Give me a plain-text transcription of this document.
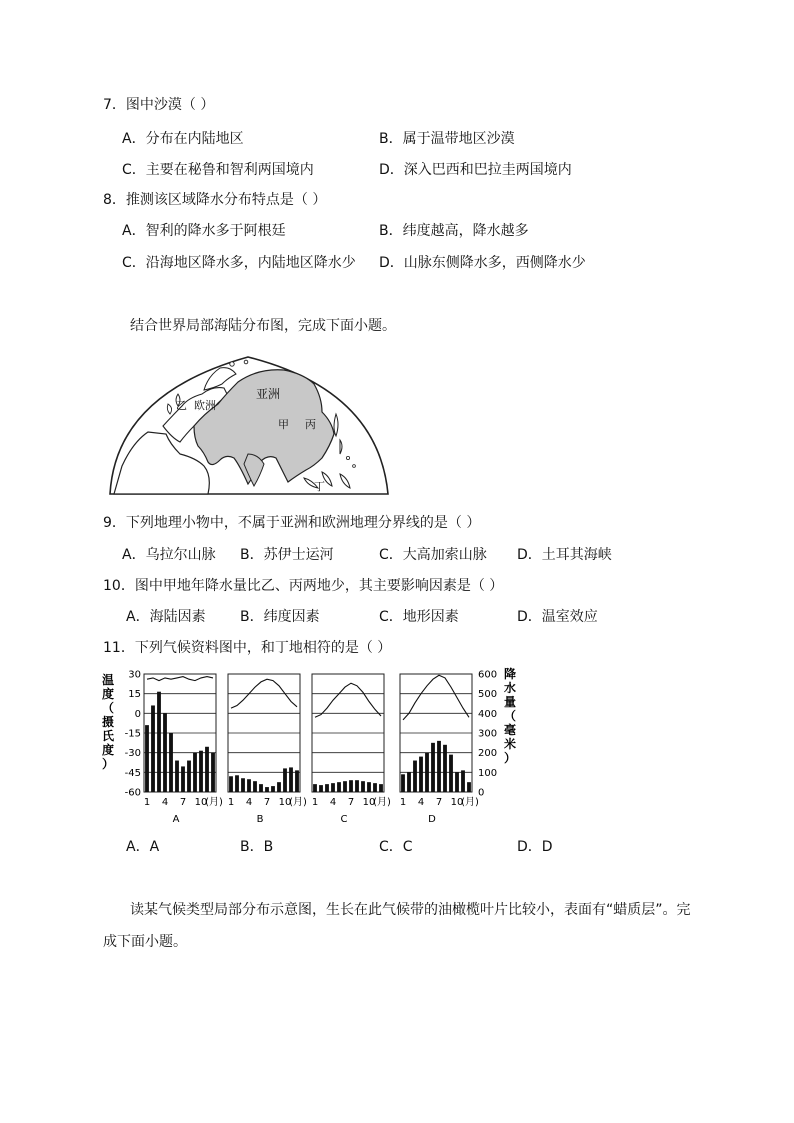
7．图中沙漠（ ）
A．分布在内陆地区	B．属于温带地区沙漠
C．主要在秘鲁和智利两国境内	D．深入巴西和巴拉圭两国境内
8．推测该区域降水分布特点是（ ）
A．智利的降水多于阿根廷	B．纬度越高，降水越多
C．沿海地区降水多，内陆地区降水少 D．山脉东侧降水多，西侧降水少
结合世界局部海陆分布图，完成下面小题。
亚洲
乙 欧洲
甲 丙
丁
9．下列地理小物中，不属于亚洲和欧洲地理分界线的是（ ）
A．乌拉尔山脉 B．苏伊士运河	C．大高加索山脉 D．土耳其海峡
10．图中甲地年降水量比乙、丙两地少，其主要影响因素是（ ）
A．海陆因素 B．纬度因素	C．地形因素	D．温室效应
11．下列气候资料图中，和丁地相符的是（ ）
温
度
（
摄
氏
度
）
降
水
量
（
毫
米
）
30
15
0
-15
-30
-45
-60
600
500
400
300
200
100
0
1 4 7 10
(月)
A
1 4 7 10
(月)
B
1 4 7 10
(月)
C
1 4 7 10
(月)
D
A．A	B．B	C．C	D．D
读某气候类型局部分布示意图，生长在此气候带的油橄榄叶片比较小，表面有“蜡质层”。完
成下面小题。
